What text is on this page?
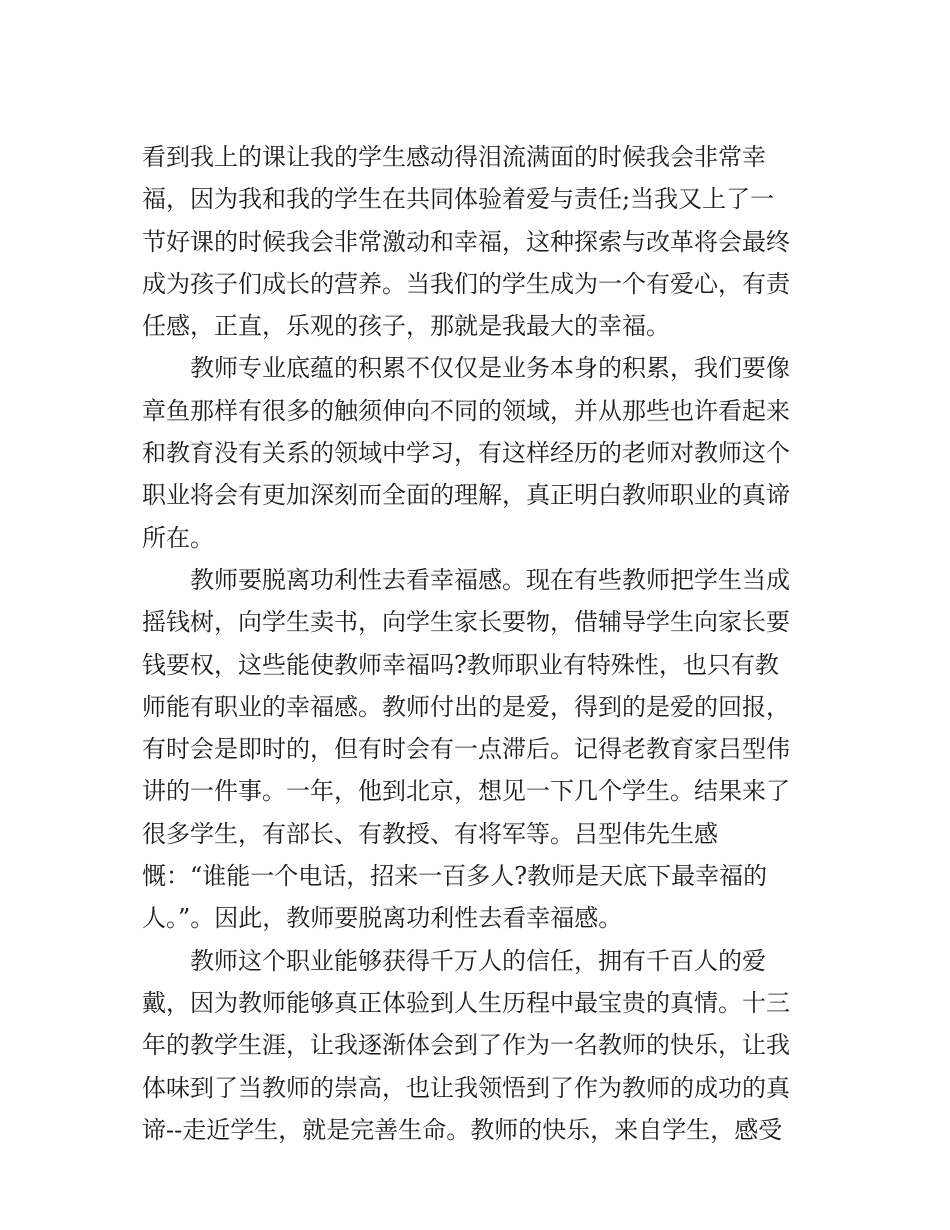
看到我上的课让我的学生感动得泪流满面的时候我会非常幸
福，因为我和我的学生在共同体验着爱与责任;当我又上了一
节好课的时候我会非常激动和幸福，这种探索与改革将会最终
成为孩子们成长的营养。当我们的学生成为一个有爱心，有责
任感，正直，乐观的孩子，那就是我最大的幸福。
教师专业底蕴的积累不仅仅是业务本身的积累，我们要像
章鱼那样有很多的触须伸向不同的领域，并从那些也许看起来
和教育没有关系的领域中学习，有这样经历的老师对教师这个
职业将会有更加深刻而全面的理解，真正明白教师职业的真谛
所在。
教师要脱离功利性去看幸福感。现在有些教师把学生当成
摇钱树，向学生卖书，向学生家长要物，借辅导学生向家长要
钱要权，这些能使教师幸福吗?教师职业有特殊性，也只有教
师能有职业的幸福感。教师付出的是爱，得到的是爱的回报，
有时会是即时的，但有时会有一点滞后。记得老教育家吕型伟
讲的一件事。一年，他到北京，想见一下几个学生。结果来了
很多学生，有部长、有教授、有将军等。吕型伟先生感
慨：“谁能一个电话，招来一百多人?教师是天底下最幸福的
人。”。因此，教师要脱离功利性去看幸福感。
教师这个职业能够获得千万人的信任，拥有千百人的爱
戴，因为教师能够真正体验到人生历程中最宝贵的真情。十三
年的教学生涯，让我逐渐体会到了作为一名教师的快乐，让我
体味到了当教师的崇高，也让我领悟到了作为教师的成功的真
谛--走近学生，就是完善生命。教师的快乐，来自学生，感受
